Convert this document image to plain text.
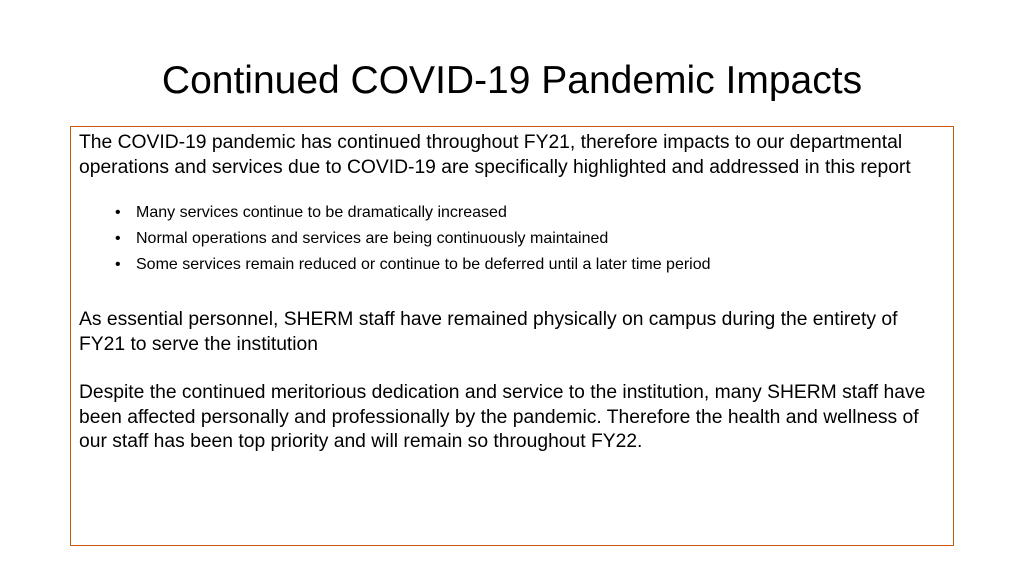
Continued COVID-19 Pandemic Impacts

The COVID-19 pandemic has continued throughout FY21, therefore impacts to our departmental operations and services due to COVID-19 are specifically highlighted and addressed in this report

• Many services continue to be dramatically increased
• Normal operations and services are being continuously maintained
• Some services remain reduced or continue to be deferred until a later time period

As essential personnel, SHERM staff have remained physically on campus during the entirety of FY21 to serve the institution

Despite the continued meritorious dedication and service to the institution, many SHERM staff have been affected personally and professionally by the pandemic. Therefore the health and wellness of our staff has been top priority and will remain so throughout FY22.
